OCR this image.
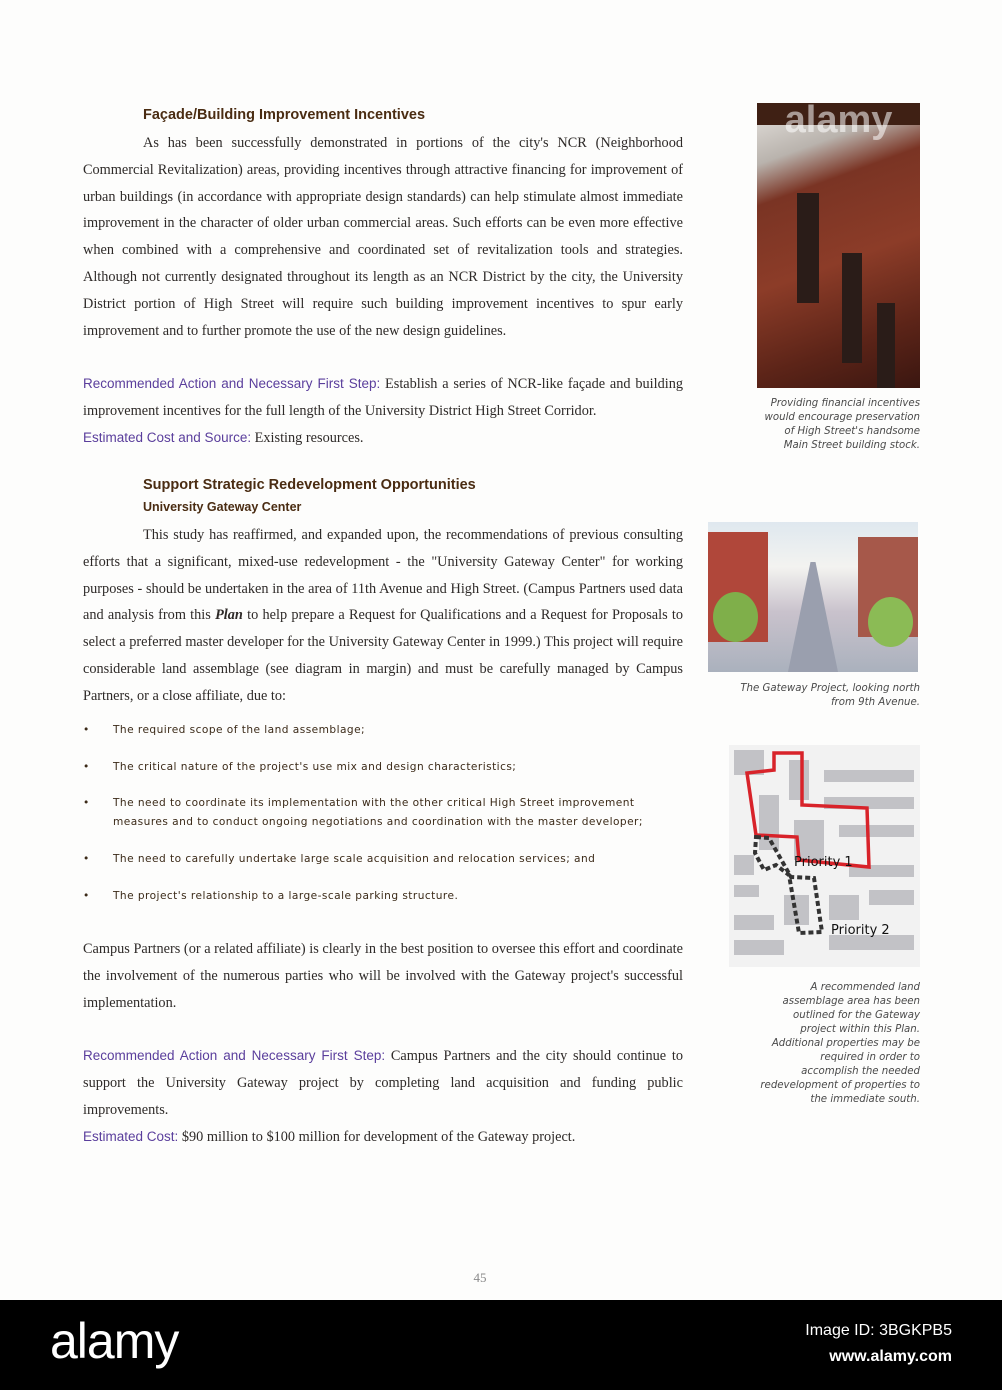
Façade/Building Improvement Incentives
As has been successfully demonstrated in portions of the city's NCR (Neighborhood Commercial Revitalization) areas, providing incentives through attractive financing for improvement of urban buildings (in accordance with appropriate design standards) can help stimulate almost immediate improvement in the character of older urban commercial areas. Such efforts can be even more effective when combined with a comprehensive and coordinated set of revitalization tools and strategies. Although not currently designated throughout its length as an NCR District by the city, the University District portion of High Street will require such building improvement incentives to spur early improvement and to further promote the use of the new design guidelines.
Recommended Action and Necessary First Step: Establish a series of NCR-like façade and building improvement incentives for the full length of the University District High Street Corridor.
Estimated Cost and Source: Existing resources.
Support Strategic Redevelopment Opportunities
University Gateway Center
This study has reaffirmed, and expanded upon, the recommendations of previous consulting efforts that a significant, mixed-use redevelopment - the "University Gateway Center" for working purposes - should be undertaken in the area of 11th Avenue and High Street. (Campus Partners used data and analysis from this Plan to help prepare a Request for Qualifications and a Request for Proposals to select a preferred master developer for the University Gateway Center in 1999.) This project will require considerable land assemblage (see diagram in margin) and must be carefully managed by Campus Partners, or a close affiliate, due to:
• The required scope of the land assemblage;
• The critical nature of the project's use mix and design characteristics;
• The need to coordinate its implementation with the other critical High Street improvement measures and to conduct ongoing negotiations and coordination with the master developer;
• The need to carefully undertake large scale acquisition and relocation services; and
• The project's relationship to a large-scale parking structure.
Campus Partners (or a related affiliate) is clearly in the best position to oversee this effort and coordinate the involvement of the numerous parties who will be involved with the Gateway project's successful implementation.
Recommended Action and Necessary First Step: Campus Partners and the city should continue to support the University Gateway project by completing land acquisition and funding public improvements.
Estimated Cost: $90 million to $100 million for development of the Gateway project.
alamy
Providing financial incentives would encourage preservation of High Street's handsome Main Street building stock.
The Gateway Project, looking north from 9th Avenue.
Priority 1
Priority 2
A recommended land assemblage area has been outlined for the Gateway project within this Plan. Additional properties may be required in order to accomplish the needed redevelopment of properties to the immediate south.
45
alamy	Image ID: 3BGKPB5
www.alamy.com
